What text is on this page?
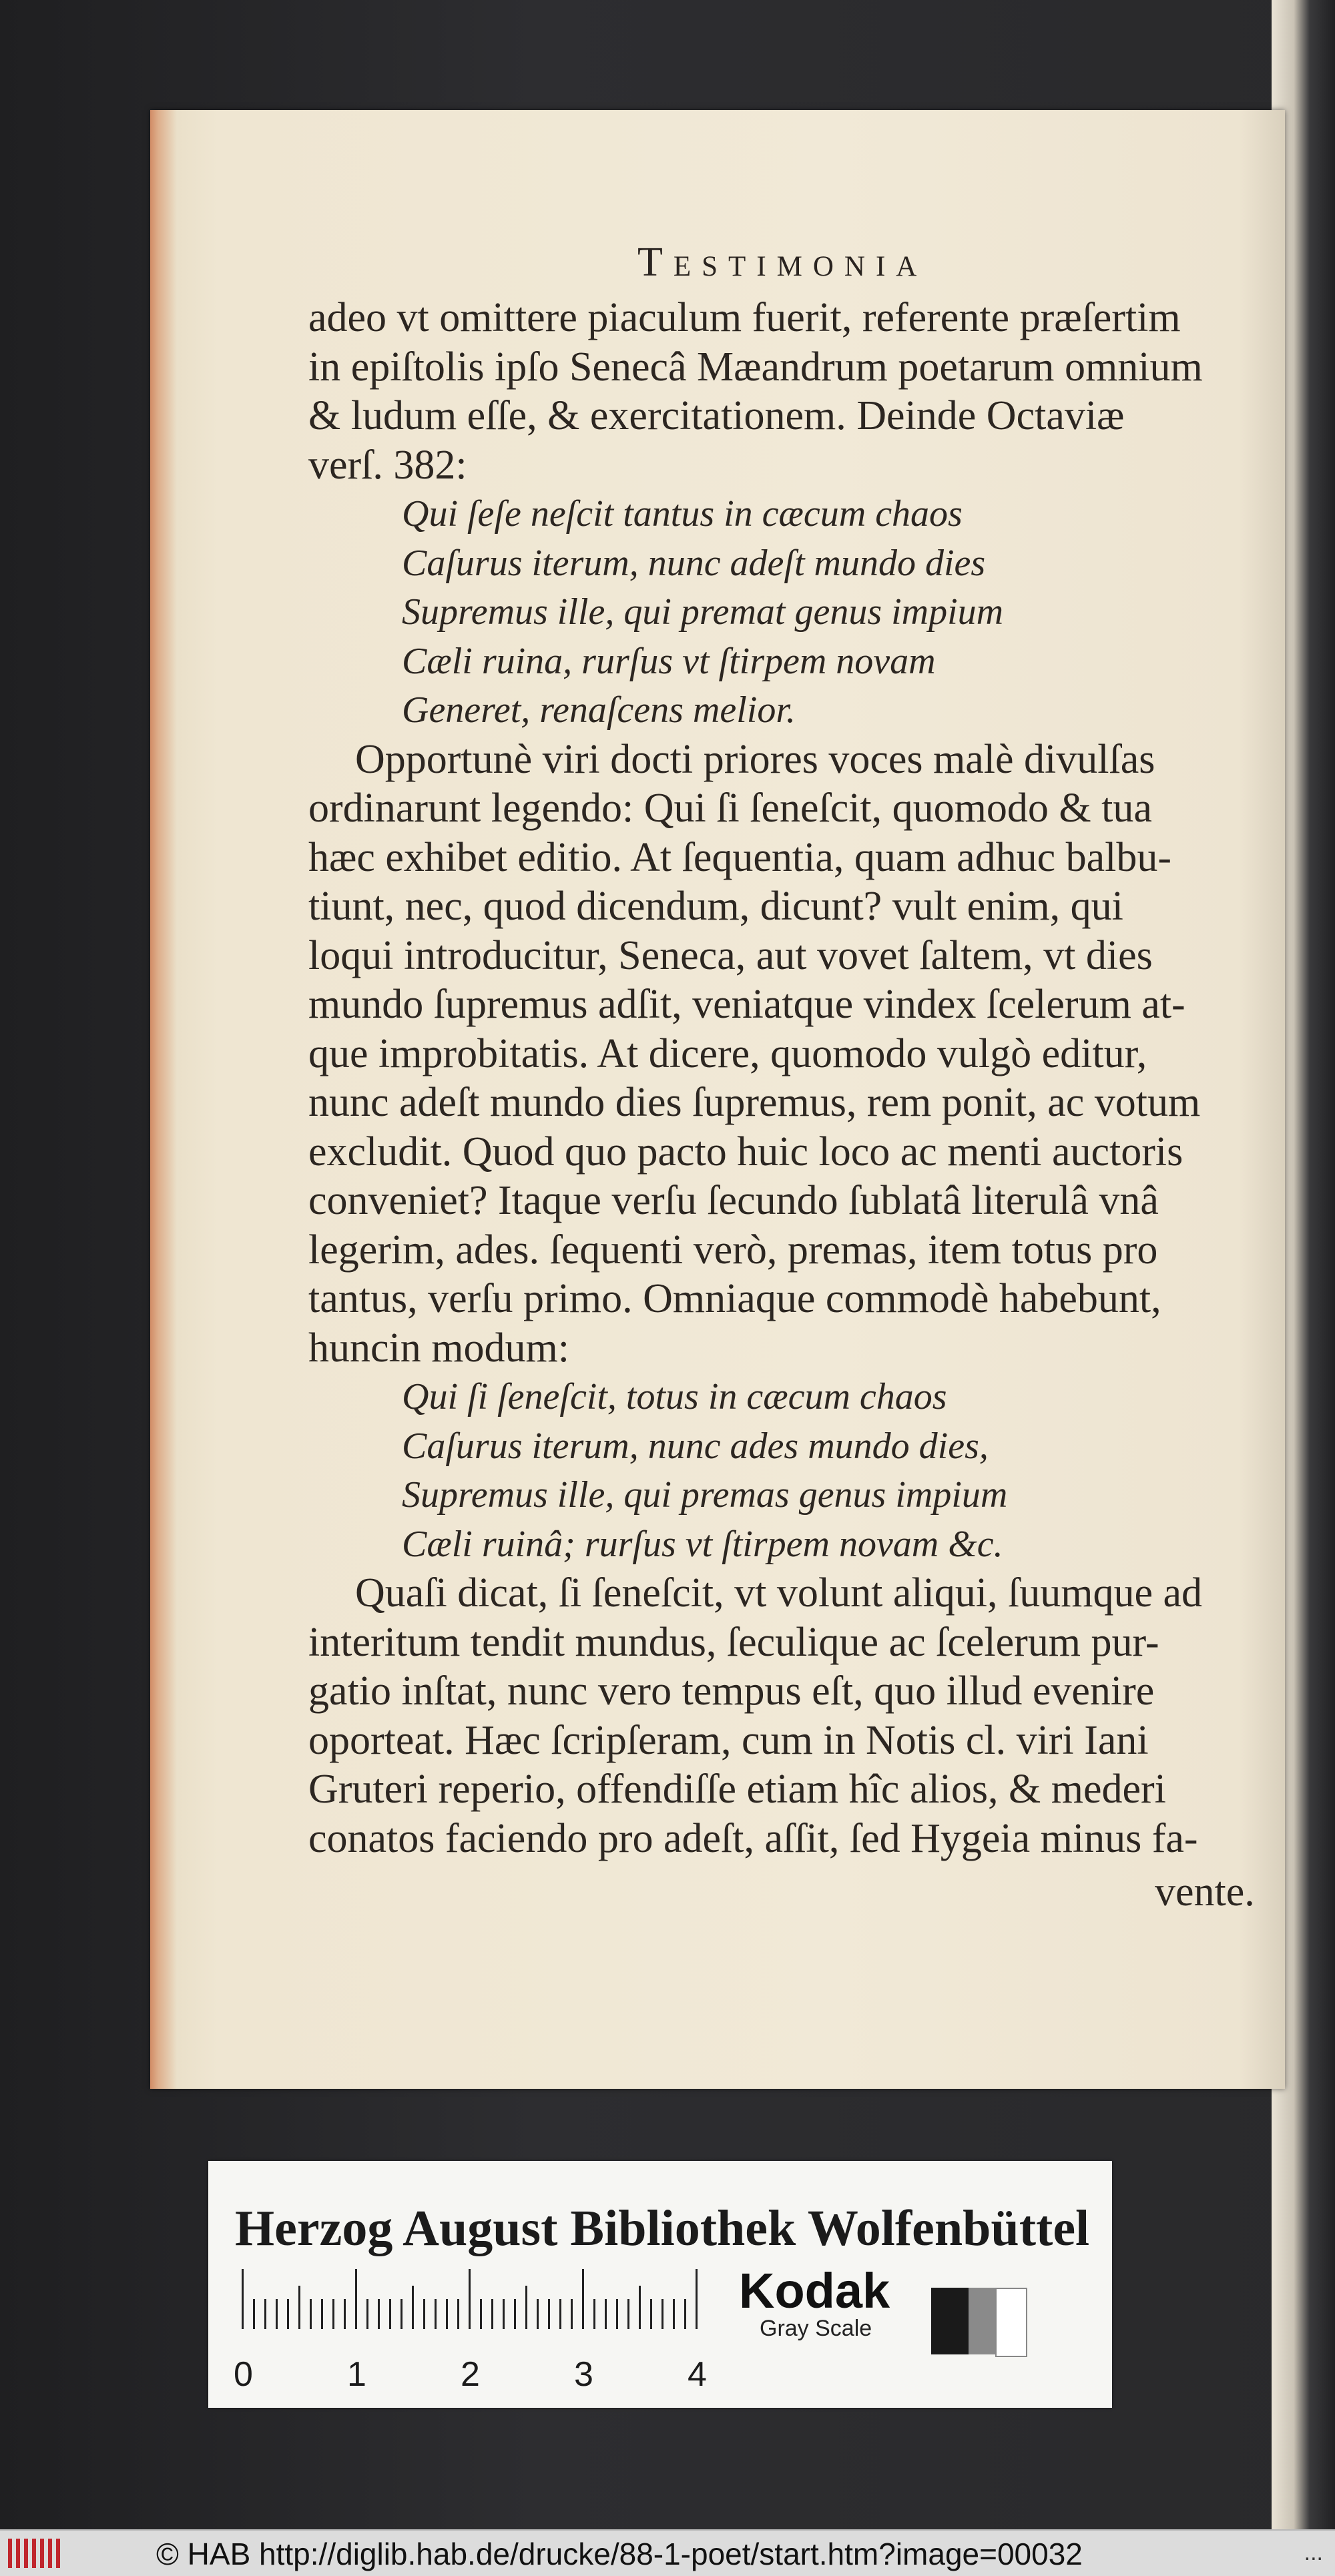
Testimonia
adeo vt omittere piaculum fuerit, referente præſertim
in epiſtolis ipſo Senecâ Mæandrum poetarum omnium
& ludum eſſe, & exercitationem. Deinde Octaviæ
verſ. 382:
Qui ſeſe neſcit tantus in cæcum chaos
Caſurus iterum, nunc adeſt mundo dies
Supremus ille, qui premat genus impium
Cæli ruina, rurſus vt ſtirpem novam
Generet, renaſcens melior.
Opportunè viri docti priores voces malè divulſas
ordinarunt legendo: Qui ſi ſeneſcit, quomodo & tua
hæc exhibet editio. At ſequentia, quam adhuc balbu-
tiunt, nec, quod dicendum, dicunt? vult enim, qui
loqui introducitur, Seneca, aut vovet ſaltem, vt dies
mundo ſupremus adſit, veniatque vindex ſcelerum at-
que improbitatis. At dicere, quomodo vulgò editur,
nunc adeſt mundo dies ſupremus, rem ponit, ac votum
excludit. Quod quo pacto huic loco ac menti auctoris
conveniet? Itaque verſu ſecundo ſublatâ literulâ vnâ
legerim, ades. ſequenti verò, premas, item totus pro
tantus, verſu primo. Omniaque commodè habebunt,
huncin modum:
Qui ſi ſeneſcit, totus in cæcum chaos
Caſurus iterum, nunc ades mundo dies,
Supremus ille, qui premas genus impium
Cæli ruinâ; rurſus vt ſtirpem novam &c.
Quaſi dicat, ſi ſeneſcit, vt volunt aliqui, ſuumque ad
interitum tendit mundus, ſeculique ac ſcelerum pur-
gatio inſtat, nunc vero tempus eſt, quo illud evenire
oporteat. Hæc ſcripſeram, cum in Notis cl. viri Iani
Gruteri reperio, offendiſſe etiam hîc alios, & mederi
conatos faciendo pro adeſt, aſſit, ſed Hygeia minus fa-
vente.
Herzog August Bibliothek Wolfenbüttel
0	1	2	3	4
Kodak
Gray Scale
© HAB http://diglib.hab.de/drucke/88-1-poet/start.htm?image=00032	...
